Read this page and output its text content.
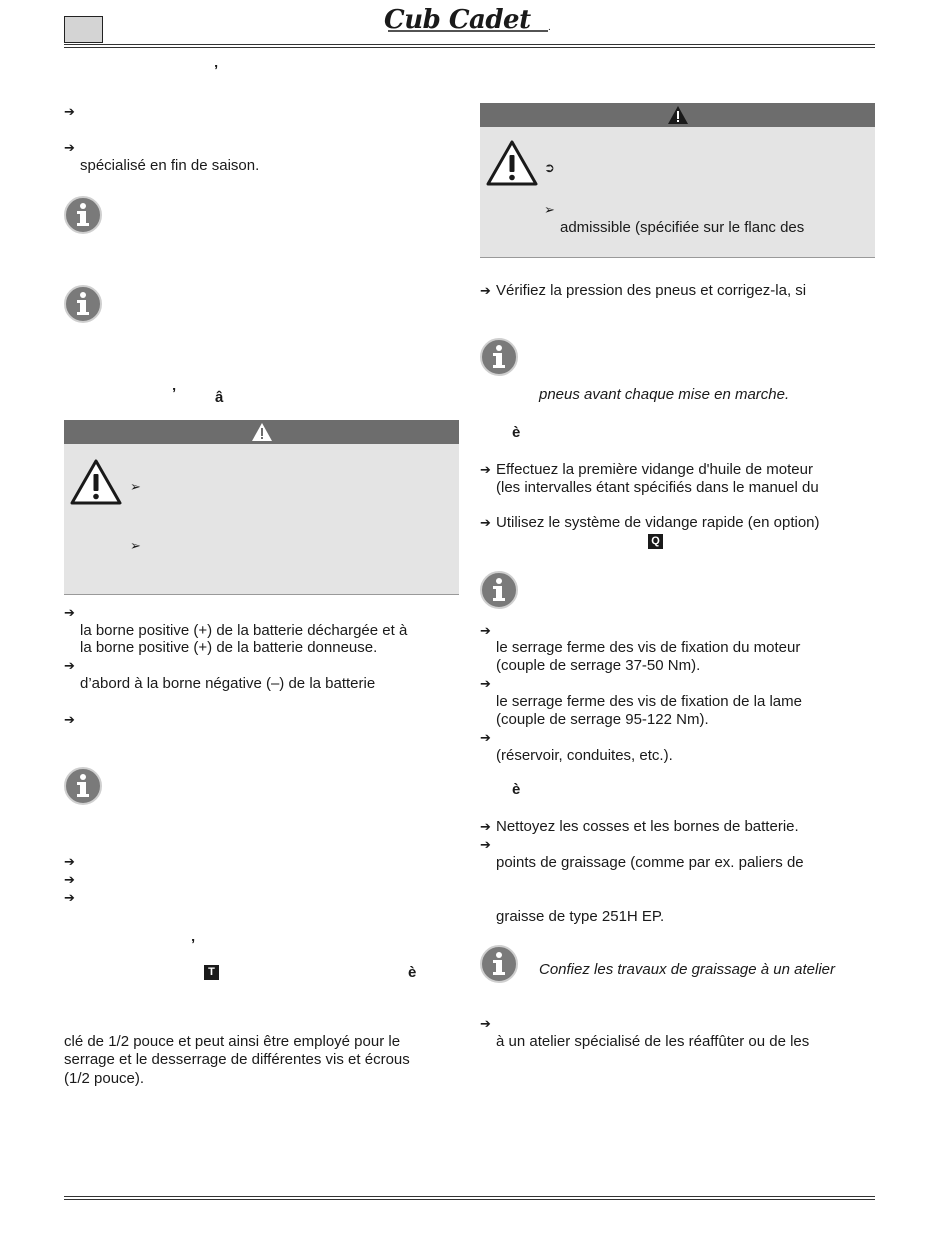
Cub Cadet .
’
➔
➔
spécialisé en fin de saison.
’	â
➢
➢
➔
la borne positive (+) de la batterie déchargée et à
la borne positive (+) de la batterie donneuse.
➔
d’abord à la borne négative (–) de la batterie
➔
➔
➔
➔
’
T	è
clé de 1/2 pouce et peut ainsi être employé pour le
serrage et le desserrage de différentes vis et écrous
(1/2 pouce).
➲
➢
admissible (spécifiée sur le flanc des
➔ Vérifiez la pression des pneus et corrigez-la, si
pneus avant chaque mise en marche.
è
➔ Effectuez la première vidange d'huile de moteur
(les intervalles étant spécifiés dans le manuel du
➔ Utilisez le système de vidange rapide (en option)
Q
➔
le serrage ferme des vis de fixation du moteur
(couple de serrage 37-50 Nm).
➔
le serrage ferme des vis de fixation de la lame
(couple de serrage 95-122 Nm).
➔
(réservoir, conduites, etc.).
è
➔ Nettoyez les cosses et les bornes de batterie.
➔
points de graissage (comme par ex. paliers de
graisse de type 251H EP.
Confiez les travaux de graissage à un atelier
➔
à un atelier spécialisé de les réaffûter ou de les
